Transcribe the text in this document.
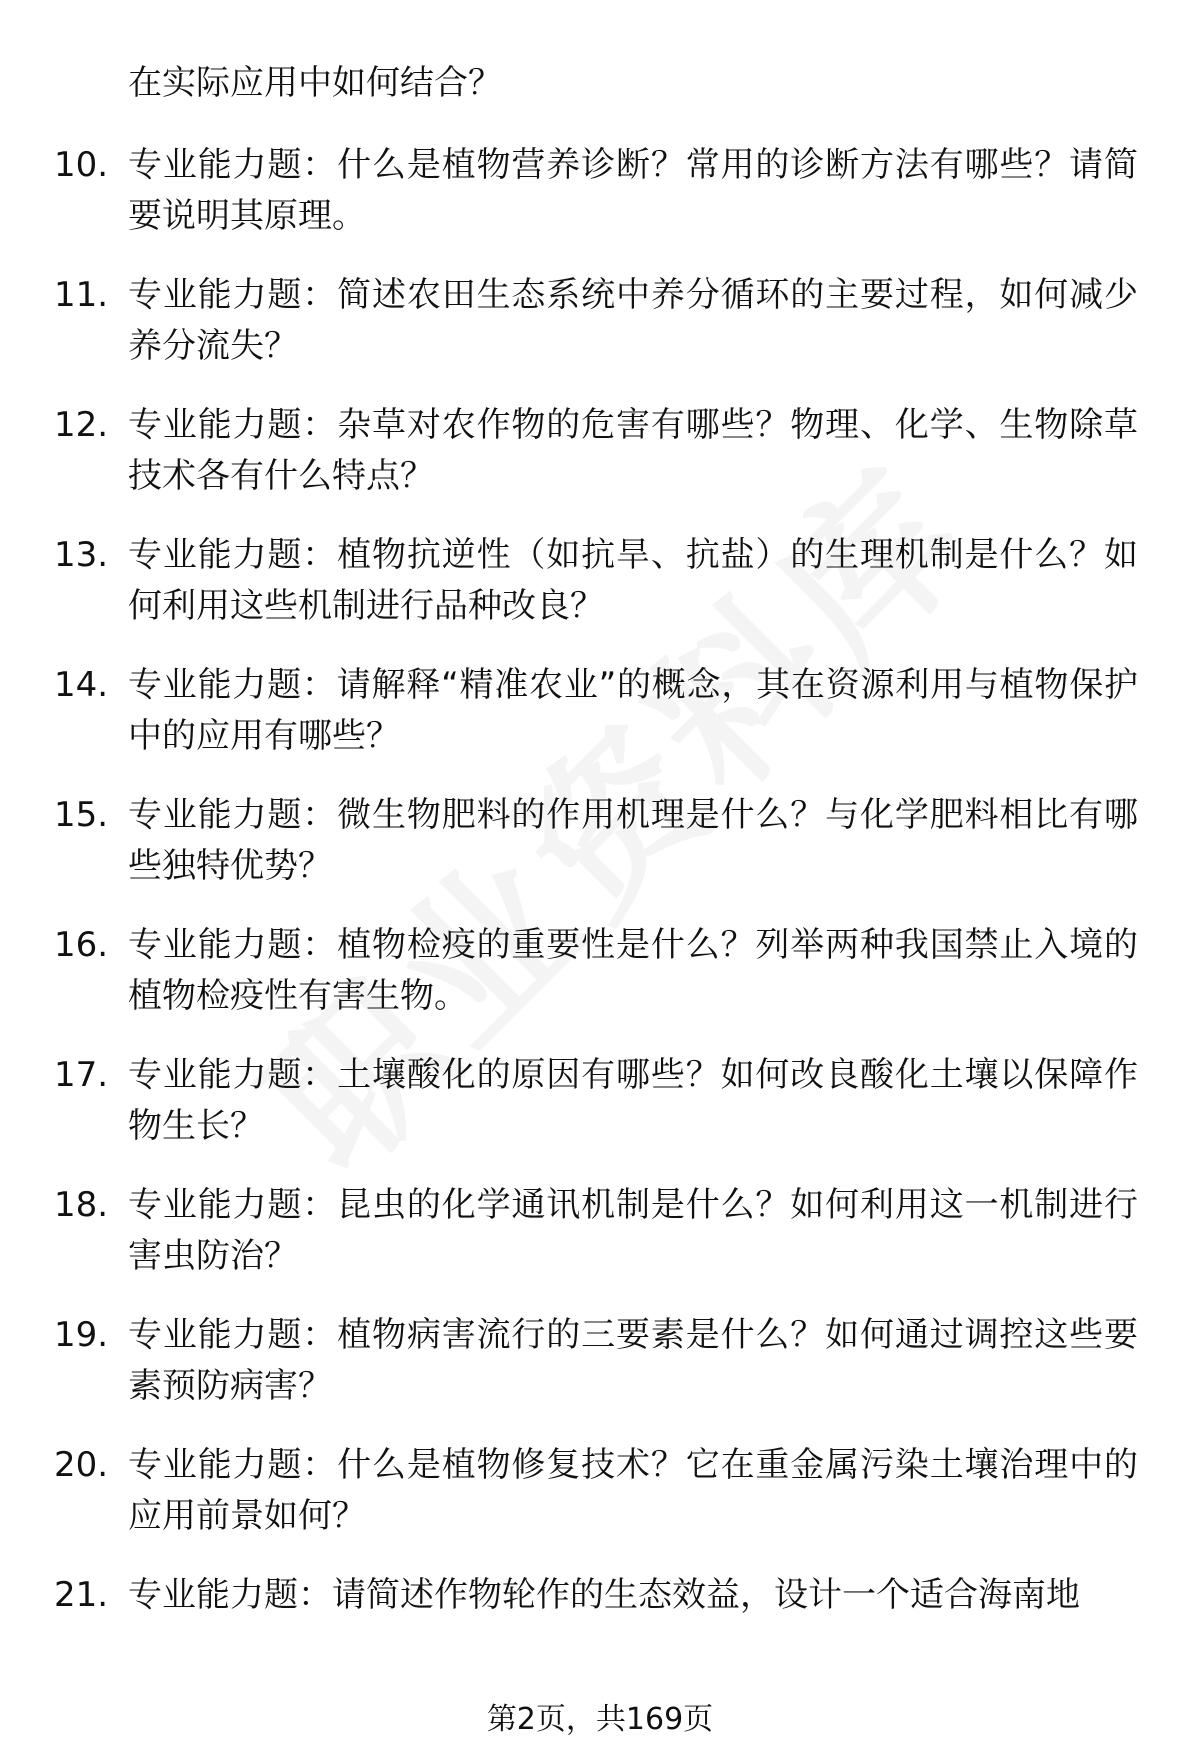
在实际应用中如何结合？
10. 专业能力题：什么是植物营养诊断？常用的诊断方法有哪些？请简要说明其原理。
11. 专业能力题：简述农田生态系统中养分循环的主要过程，如何减少养分流失？
12. 专业能力题：杂草对农作物的危害有哪些？物理、化学、生物除草技术各有什么特点？
13. 专业能力题：植物抗逆性（如抗旱、抗盐）的生理机制是什么？如何利用这些机制进行品种改良？
14. 专业能力题：请解释“精准农业”的概念，其在资源利用与植物保护中的应用有哪些？
15. 专业能力题：微生物肥料的作用机理是什么？与化学肥料相比有哪些独特优势？
16. 专业能力题：植物检疫的重要性是什么？列举两种我国禁止入境的植物检疫性有害生物。
17. 专业能力题：土壤酸化的原因有哪些？如何改良酸化土壤以保障作物生长？
18. 专业能力题：昆虫的化学通讯机制是什么？如何利用这一机制进行害虫防治？
19. 专业能力题：植物病害流行的三要素是什么？如何通过调控这些要素预防病害？
20. 专业能力题：什么是植物修复技术？它在重金属污染土壤治理中的应用前景如何？
21. 专业能力题：请简述作物轮作的生态效益，设计一个适合海南地
第2页，共169页
